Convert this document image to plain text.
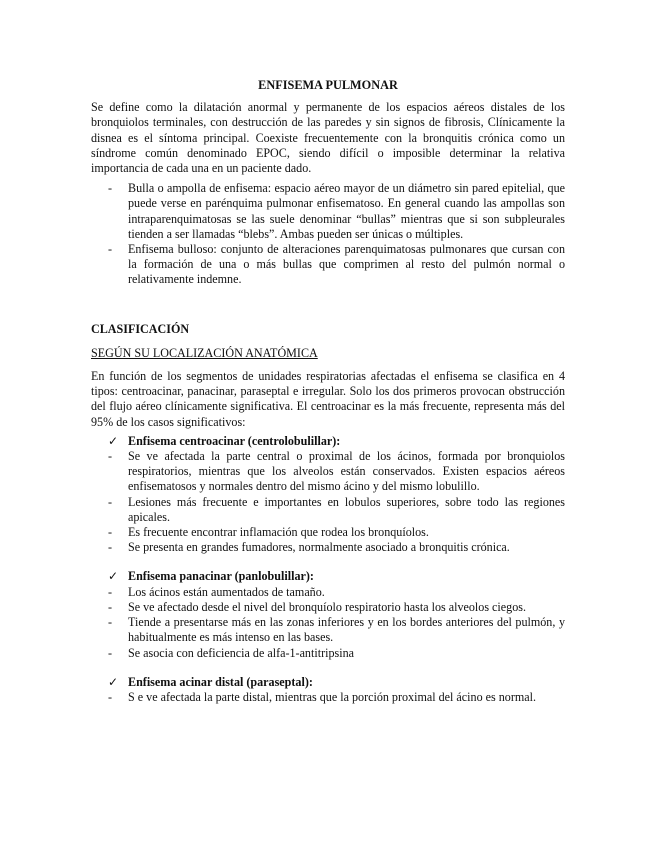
ENFISEMA PULMONAR

Se define como la dilatación anormal y permanente de los espacios aéreos distales de los bronquiolos terminales, con destrucción de las paredes y sin signos de fibrosis, Clínicamente la disnea es el síntoma principal. Coexiste frecuentemente con la bronquitis crónica como un síndrome común denominado EPOC, siendo difícil o imposible determinar la relativa importancia de cada una en un paciente dado.

- Bulla o ampolla de enfisema: espacio aéreo mayor de un diámetro sin pared epitelial, que puede verse en parénquima pulmonar enfisematoso. En general cuando las ampollas son intraparenquimatosas se las suele denominar “bullas” mientras que si son subpleurales tienden a ser llamadas “blebs”. Ambas pueden ser únicas o múltiples.
- Enfisema bulloso: conjunto de alteraciones parenquimatosas pulmonares que cursan con la formación de una o más bullas que comprimen al resto del pulmón normal o relativamente indemne.
CLASIFICACIÓN
SEGÚN SU LOCALIZACIÓN ANATÓMICA

En función de los segmentos de unidades respiratorias afectadas el enfisema se clasifica en 4 tipos: centroacinar, panacinar, paraseptal e irregular. Solo los dos primeros provocan obstrucción del flujo aéreo clínicamente significativa. El centroacinar es la más frecuente, representa más del 95% de los casos significativos:

✓ Enfisema centroacinar (centrolobulillar):
- Se ve afectada la parte central o proximal de los ácinos, formada por bronquiolos respiratorios, mientras que los alveolos están conservados. Existen espacios aéreos enfisematosos y normales dentro del mismo ácino y del mismo lobulillo.
- Lesiones más frecuente e importantes en lobulos superiores, sobre todo las regiones apicales.
- Es frecuente encontrar inflamación que rodea los bronquíolos.
- Se presenta en grandes fumadores, normalmente asociado a bronquitis crónica.
✓ Enfisema panacinar (panlobulillar):
- Los ácinos están aumentados de tamaño.
- Se ve afectado desde el nivel del bronquíolo respiratorio hasta los alveolos ciegos.
- Tiende a presentarse más en las zonas inferiores y en los bordes anteriores del pulmón, y habitualmente es más intenso en las bases.
- Se asocia con deficiencia de alfa-1-antitripsina
✓ Enfisema acinar distal (paraseptal):
- S e ve afectada la parte distal, mientras que la porción proximal del ácino es normal.
